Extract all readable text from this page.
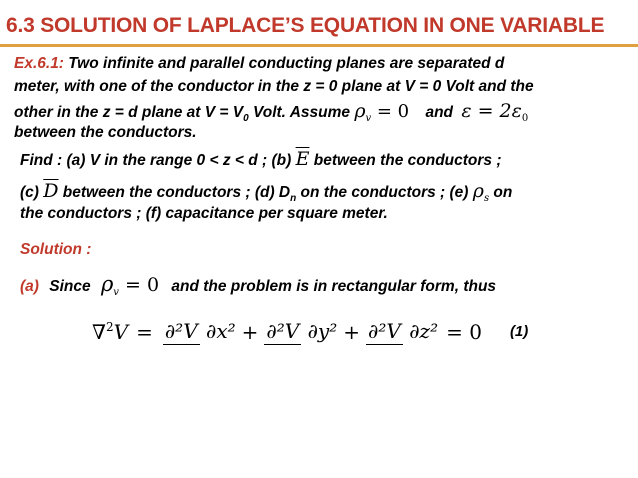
6.3 SOLUTION OF LAPLACE’S EQUATION IN ONE VARIABLE
Ex.6.1: Two infinite and parallel conducting planes are separated d
meter, with one of the conductor in the z = 0 plane at V = 0 Volt and the
other in the z = d plane at $V = V_0$ Volt. Assume $\rho_v = 0$ and $\varepsilon = 2\varepsilon_0$
between the conductors.
Find : (a) V in the range 0 < z < d ; (b) $\overline{E}$ between the conductors ;
(c) $\overline{D}$ between the conductors ; (d) $D_n$ on the conductors ; (e) $\rho_s$ on
the conductors ; (f) capacitance per square meter.
Solution :
(a) Since $\rho_v = 0$ and the problem is in rectangular form, thus
∇$^2$ V = ∂²V ∂x² + ∂²V ∂y² + ∂²V ∂z² = 0 (1)
